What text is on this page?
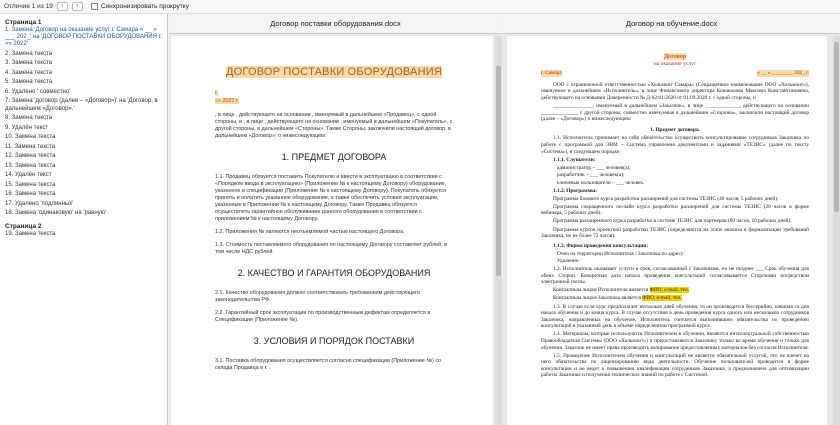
Отличие 1 из 19	‹	›	Синхронизировать прокрутку
Страница 1
1. Замена 'Договор на оказание услуг г. Самара « __ » ___ 202_' на 'ДОГОВОР ПОСТАВКИ ОБОРУДОВАНИЯ г. «» 2022'
2. Замена текста
3. Замена текста
4. Замена текста
5. Замена текста
6. Удалено ' совместно'
7. Замена 'договор (далее – «Договор»)' на 'Договор, в дальнейшем «Договор».'
8. Замена текста
9. Удалён текст
10. Замена текста
11. Замена текста
12. Замена текста
13. Замена текста
14. Удалён текст
15. Замена текста
16. Замена текста
17. Удалено 'подлинных'
18. Замена 'одинаковую' на 'равную'
Страница 2
19. Замена текста
Договор поставки оборудования.docx
ДОГОВОР ПОСТАВКИ ОБОРУДОВАНИЯ
г.
«» 2022 г.
, в лице , действующего на основании , именуемый в дальнейшем «Продавец», с одной стороны, и , в лице , действующего на основании , именуемый в дальнейшем «Покупатель», с другой стороны, в дальнейшем «Стороны». Также Стороны, заключили настоящий договор, в дальнейшем «Договор»; о нижеследующем:
1. ПРЕДМЕТ ДОГОВОРА
1.1. Продавец обязуется поставить Покупателю и ввести в эксплуатацию в соответствии с «Порядком ввода в эксплуатацию» (Приложение № к настоящему Договору) оборудование, указанное в спецификации (Приложение № к настоящему Договору). Покупатель обязуется принять и оплатить указанное оборудование, а также обеспечить условия эксплуатации, указанные в Приложении № к настоящему Договору. Также Продавец обязуется осуществлять гарантийное обслуживание данного оборудования в соответствии с приложением № к настоящему Договору.
1.2. Приложения № являются неотъемлемой частью настоящего Договора.
1.3. Стоимость поставляемого оборудования по настоящему Договору составляет рублей, в том числе НДС рублей.
2. КАЧЕСТВО И ГАРАНТИЯ ОБОРУДОВАНИЯ
2.1. Качество оборудования должно соответствовать требованиям действующего законодательства РФ.
2.2. Гарантийный срок эксплуатации по производственным дефектам определяется в Спецификации (Приложение №).
3. УСЛОВИЯ И ПОРЯДОК ПОСТАВКИ
3.1. Поставка оборудования осуществляется согласно спецификации (Приложение №) со склада Продавца в г. .
Договор на обучение.docx
Договор
на оказание услуг
г. Самара	« __ » ________ 202_ г.
ООО с ограниченной ответственностью «Хольмонт Самара» (Сокращенное наименование ООО «Хольмонт»), именуемое в дальнейшем «Исполнитель», в лице Финансового директора Коновалова Максима Константиновича, действующего на основании Доверенности № Д-02/01/2020 от 01.09.2020 г. с одной стороны, и
_______________, именуемый в дальнейшем «Заказчик», в лице _____________, действующего на основании ______________ с другой стороны, совместно именуемые в дальнейшем «Стороны», заключили настоящий договор (далее – «Договор») о нижеследующем:
1. Предмет договора.
1.1. Исполнитель принимает на себя обязательство осуществить консультирование сотрудников Заказчика по работе с программой для ЭВМ – Система управления документами и заданиями «ТЕЗИС» (далее по тексту «Система»), в следующем порядке:
1.1.1. Слушатели:
администратор – ___ человек(а);
разработчик – ___ человек(а);
ключевые пользователи – ___ человек.
1.1.2. Программы:
Программа базового курса разработки расширений для системы ТЕЗИС (40 часов, 5 рабочих дней);
Программа сокращенного он-лайн курса разработки расширений для системы ТЕЗИС (20 часов в форме вебинара, 5 рабочих дней);
Программа расширенного курса разработки в системе ТЕЗИС для партнеров (80 часов, 10 рабочих дней);
Программа курсов проектной разработки ТЕЗИС (определяются на этапе анализа и формализации требований Заказчика, но не более 72 часов).
1.1.3. Форма проведения консультации:
Очно на территории Исполнителя / Заказчика по адресу:
Удаленно
1.2. Исполнитель оказывает услуги в срок, согласованный с Заказчиком, но не позднее ___ Срок обучения для обеих Сторон. Конкретная дата начала проведения консультаций согласовывается Сторонами посредством электронной почты.
Контактным лицом Исполнителя является ФИО, e-mail, тел.
Контактным лицом Заказчика является ФИО, e-mail, тел.
1.3. В случае если курс предполагает несколько дней обучения, то он производится бессерийно, начиная со дня начала обучения и до конца курса. В случае отсутствия в день проведения курса одного или нескольких сотрудников Заказчика, направленных на обучение, Исполнитель считается выполнившим обязательства по проведению консультаций в указанный день в объеме определенном программой курса.
1.4. Материалы, которые используются Исполнителем в обучении, являются интеллектуальной собственностью Правообладателя Системы (ООО «Хольмонт») и предоставляются Заказчику только во время обучения и только для обучения. Заказчик не имеет права производить копирование предоставленных материалов без согласия Исполнителя.
1.5. Проведение Исполнителем обучения и консультаций не является обязательной услугой, что не влечет на него обязательства по лицензированию вида деятельности. Обучение пользователей проводится в форме консультации и не ведет к повышению квалификации сотрудников Заказчика, а предназначено для оптимизации работы Заказчика и получения технических знаний по работе с Системой.
